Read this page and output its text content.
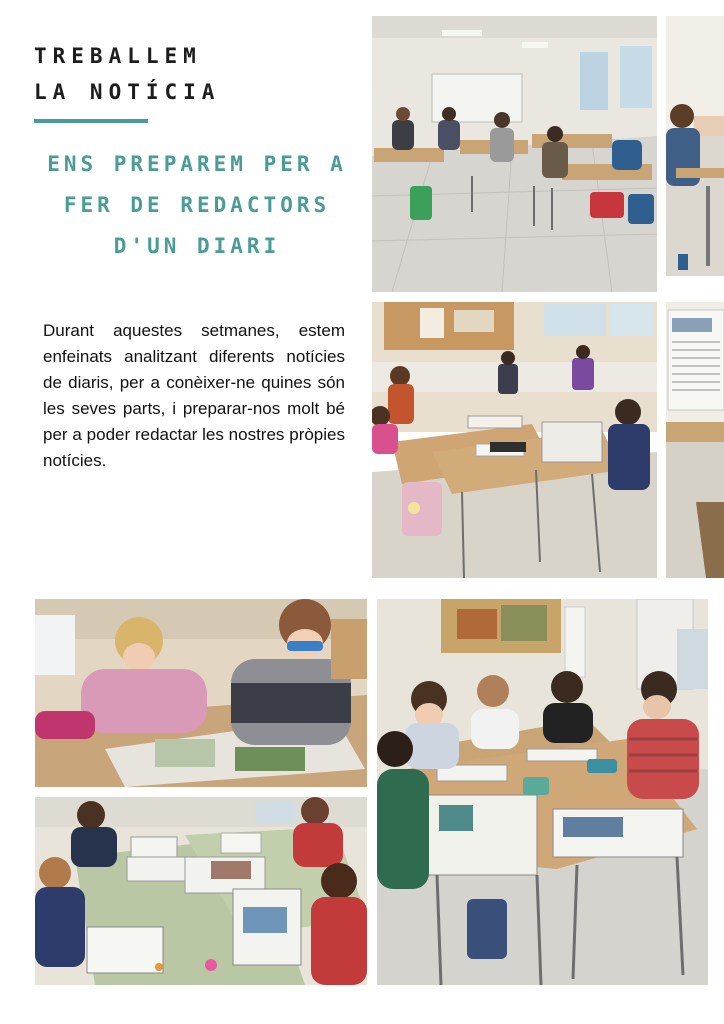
TREBALLEM
LA NOTÍCIA
ENS PREPAREM PER A
FER DE REDACTORS
D'UN DIARI

Durant aquestes setmanes, estem enfeinats analitzant diferents notícies de diaris, per a conèixer-ne quines són les seves parts, i preparar-nos molt bé per a poder redactar les nostres pròpies notícies.
